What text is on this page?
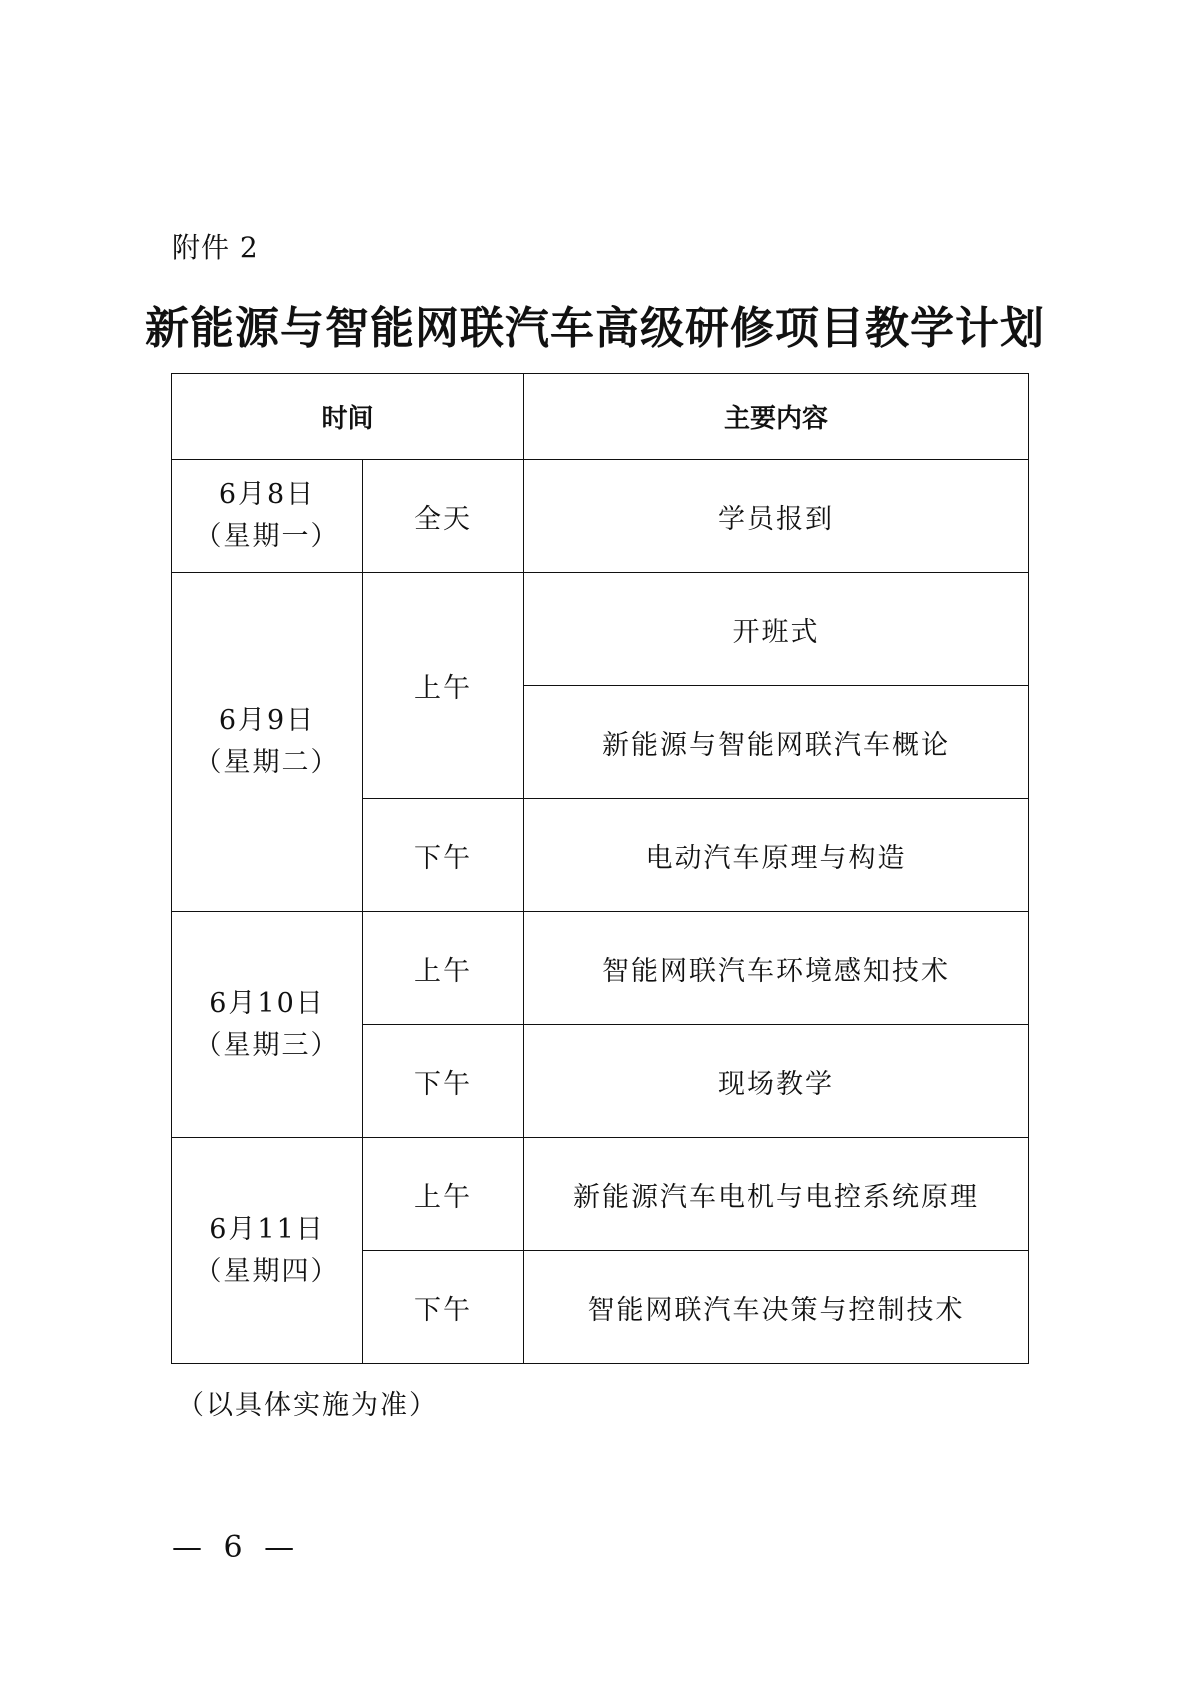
附件 2
新能源与智能网联汽车高级研修项目教学计划
时间		主要内容

6月8日
（星期一）	全天	学员报到

6月9日
（星期二）	上午	开班式
		新能源与智能网联汽车概论
	下午	电动汽车原理与构造

6月10日
（星期三）	上午	智能网联汽车环境感知技术
	下午	现场教学

6月11日
（星期四）	上午	新能源汽车电机与电控系统原理
	下午	智能网联汽车决策与控制技术
（以具体实施为准）
— 6 —
